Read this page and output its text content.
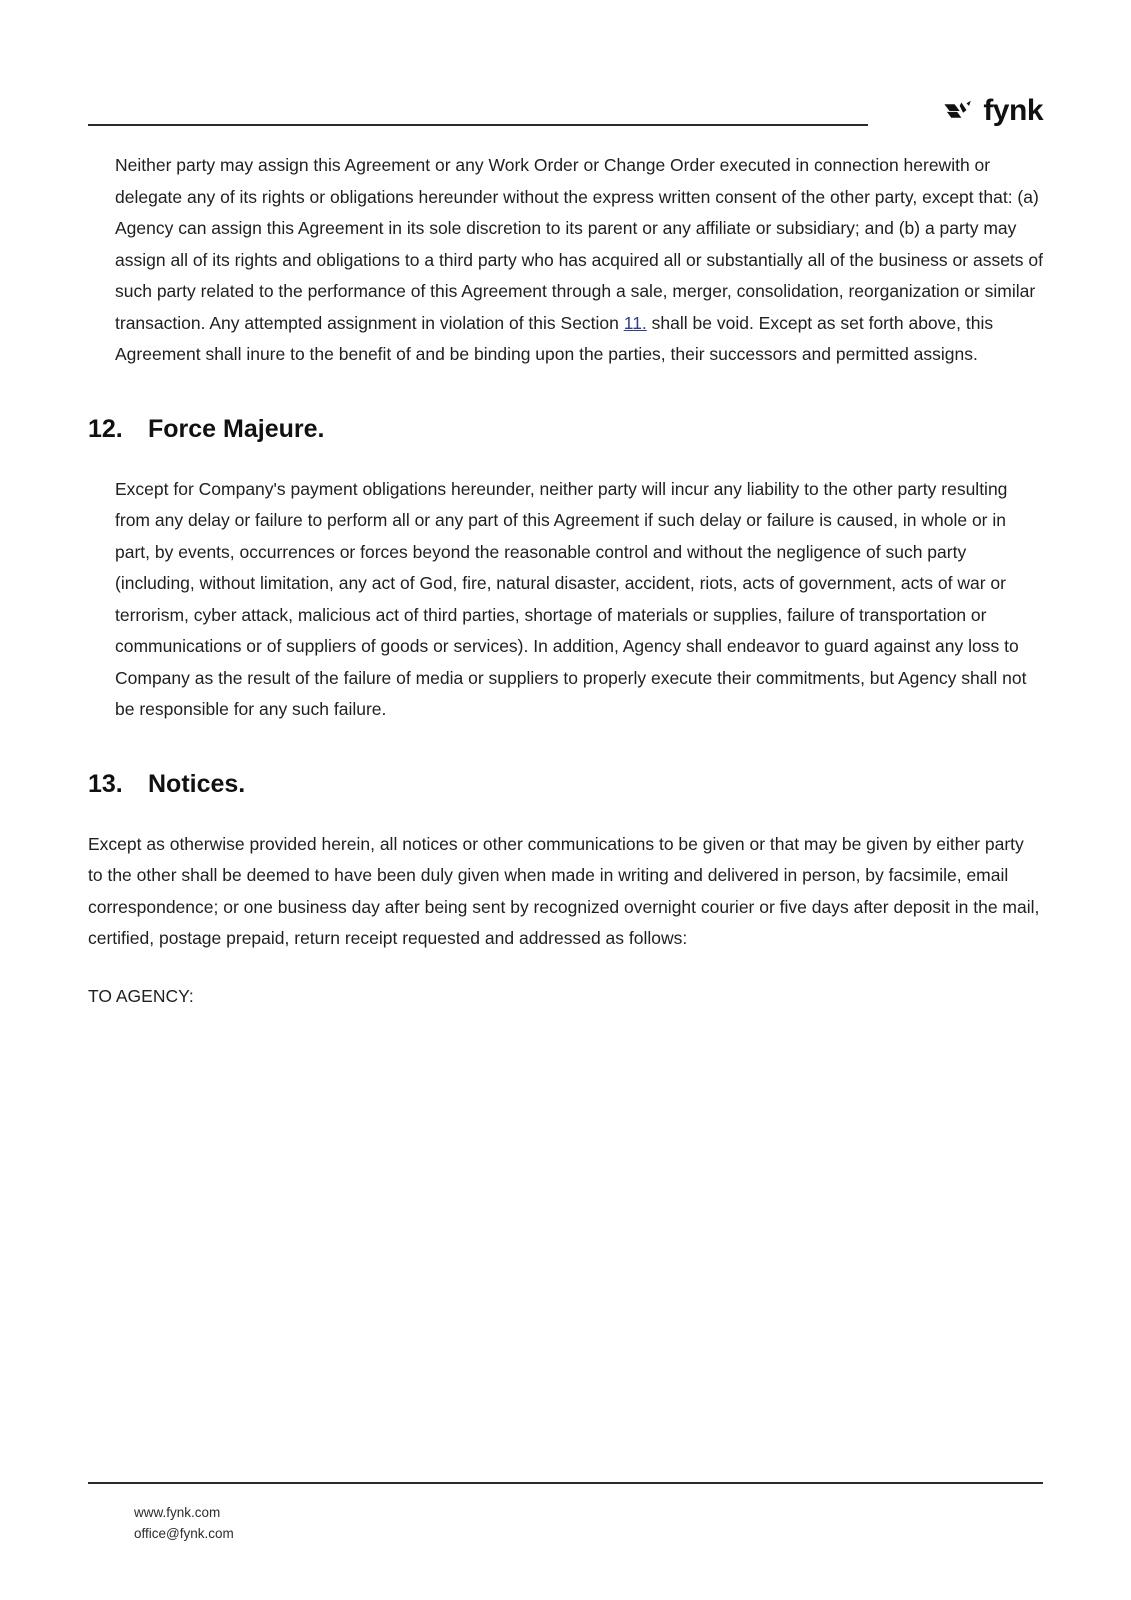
fynk

Neither party may assign this Agreement or any Work Order or Change Order executed in connection herewith or delegate any of its rights or obligations hereunder without the express written consent of the other party, except that: (a) Agency can assign this Agreement in its sole discretion to its parent or any affiliate or subsidiary; and (b) a party may assign all of its rights and obligations to a third party who has acquired all or substantially all of the business or assets of such party related to the performance of this Agreement through a sale, merger, consolidation, reorganization or similar transaction. Any attempted assignment in violation of this Section 11. shall be void. Except as set forth above, this Agreement shall inure to the benefit of and be binding upon the parties, their successors and permitted assigns.

12.	Force Majeure.

Except for Company's payment obligations hereunder, neither party will incur any liability to the other party resulting from any delay or failure to perform all or any part of this Agreement if such delay or failure is caused, in whole or in part, by events, occurrences or forces beyond the reasonable control and without the negligence of such party (including, without limitation, any act of God, fire, natural disaster, accident, riots, acts of government, acts of war or terrorism, cyber attack, malicious act of third parties, shortage of materials or supplies, failure of transportation or communications or of suppliers of goods or services). In addition, Agency shall endeavor to guard against any loss to Company as the result of the failure of media or suppliers to properly execute their commitments, but Agency shall not be responsible for any such failure.

13.	Notices.

Except as otherwise provided herein, all notices or other communications to be given or that may be given by either party to the other shall be deemed to have been duly given when made in writing and delivered in person, by facsimile, email correspondence; or one business day after being sent by recognized overnight courier or five days after deposit in the mail, certified, postage prepaid, return receipt requested and addressed as follows:

TO AGENCY:

www.fynk.com
office@fynk.com
